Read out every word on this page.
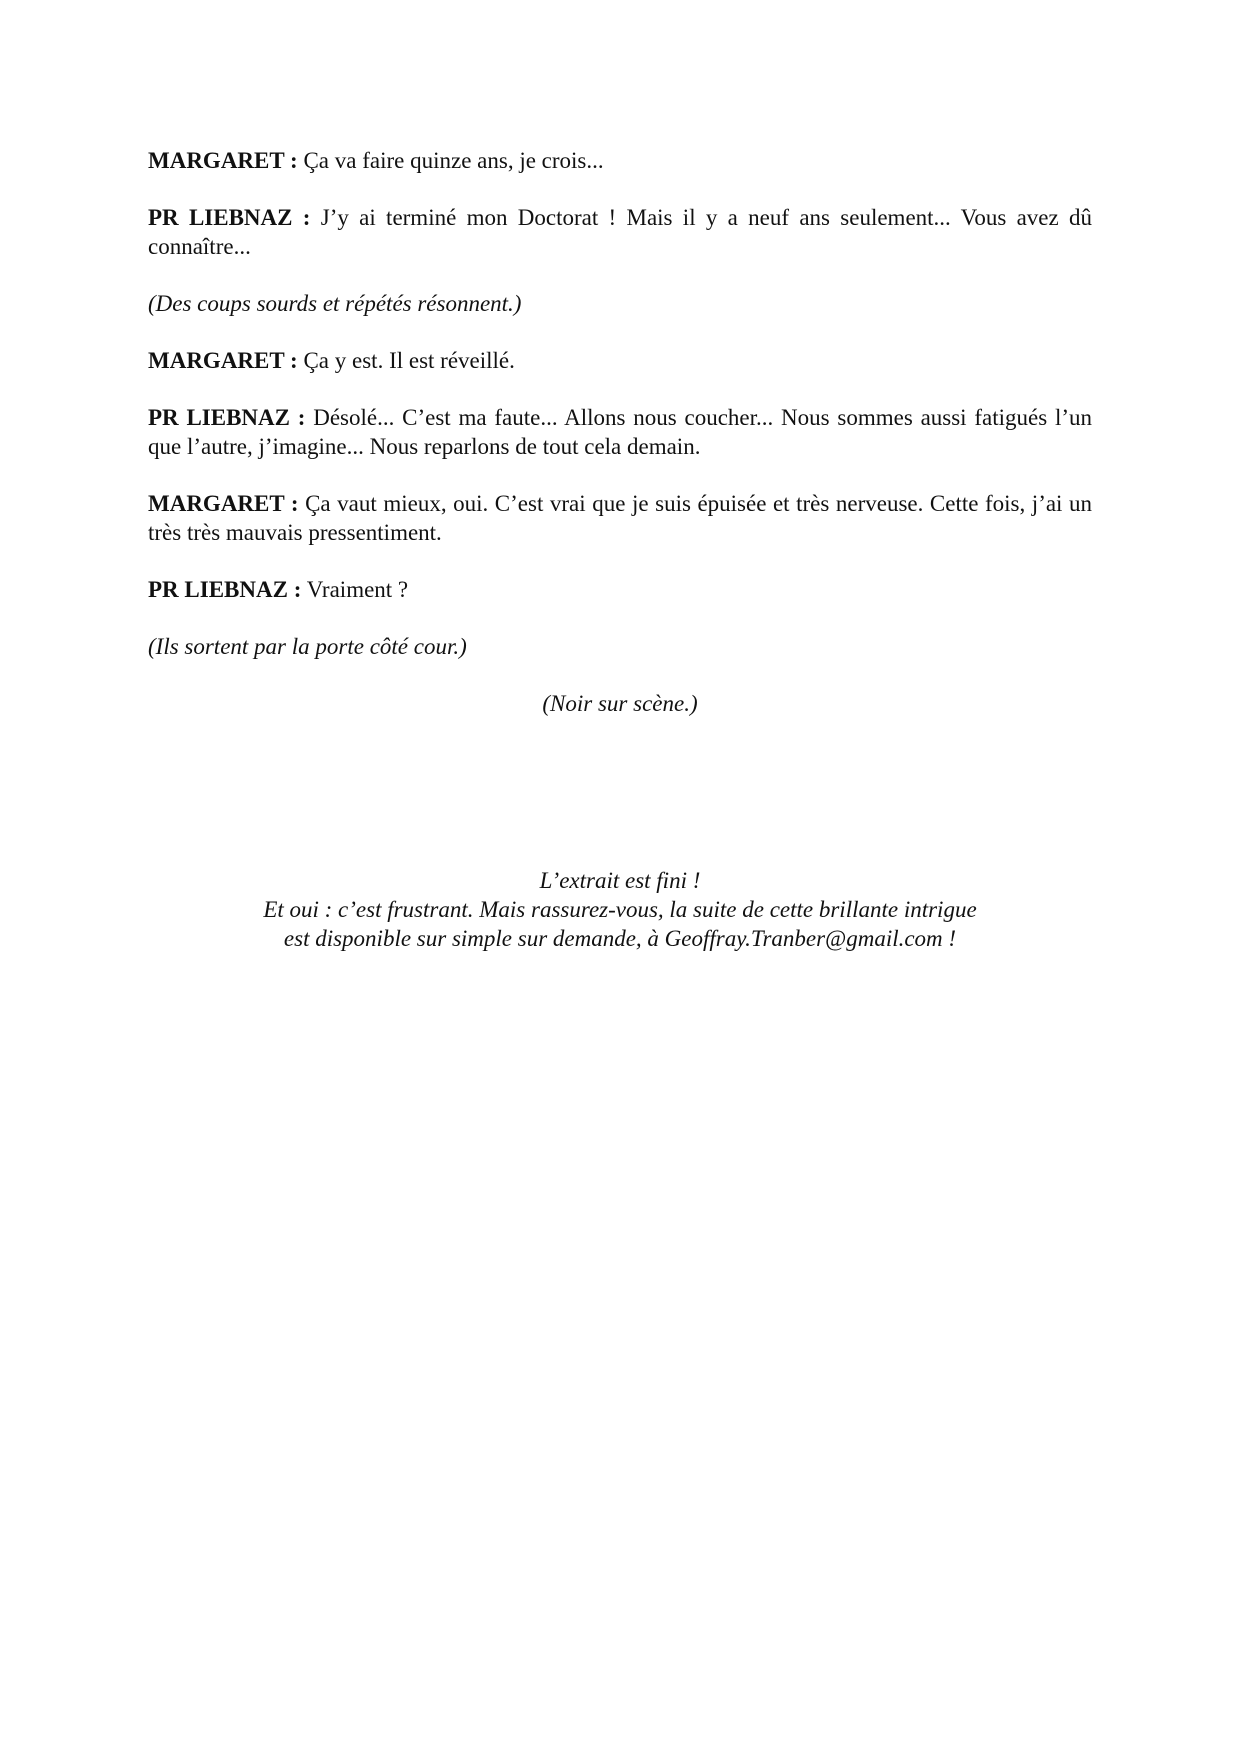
MARGARET : Ça va faire quinze ans, je crois...

PR LIEBNAZ : J’y ai terminé mon Doctorat ! Mais il y a neuf ans seulement... Vous avez dû connaître...

(Des coups sourds et répétés résonnent.)

MARGARET : Ça y est. Il est réveillé.

PR LIEBNAZ : Désolé... C’est ma faute... Allons nous coucher... Nous sommes aussi fatigués l’un que l’autre, j’imagine... Nous reparlons de tout cela demain.

MARGARET : Ça vaut mieux, oui. C’est vrai que je suis épuisée et très nerveuse. Cette fois, j’ai un très très mauvais pressentiment.

PR LIEBNAZ : Vraiment ?

(Ils sortent par la porte côté cour.)

(Noir sur scène.)

L’extrait est fini !
Et oui : c’est frustrant. Mais rassurez-vous, la suite de cette brillante intrigue
est disponible sur simple sur demande, à Geoffray.Tranber@gmail.com !
